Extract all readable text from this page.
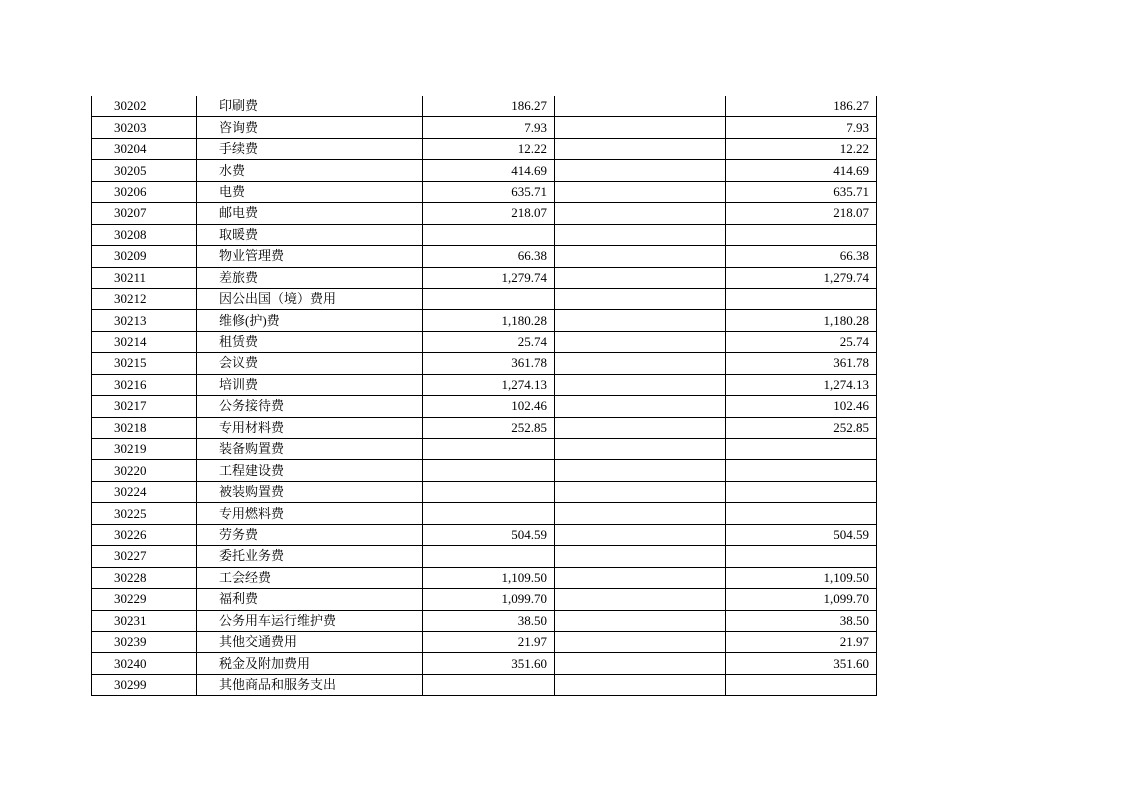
30202	印刷费	186.27		186.27
30203	咨询费	7.93		7.93
30204	手续费	12.22		12.22
30205	水费	414.69		414.69
30206	电费	635.71		635.71
30207	邮电费	218.07		218.07
30208	取暖费			
30209	物业管理费	66.38		66.38
30211	差旅费	1,279.74		1,279.74
30212	因公出国（境）费用			
30213	维修(护)费	1,180.28		1,180.28
30214	租赁费	25.74		25.74
30215	会议费	361.78		361.78
30216	培训费	1,274.13		1,274.13
30217	公务接待费	102.46		102.46
30218	专用材料费	252.85		252.85
30219	装备购置费			
30220	工程建设费			
30224	被装购置费			
30225	专用燃料费			
30226	劳务费	504.59		504.59
30227	委托业务费			
30228	工会经费	1,109.50		1,109.50
30229	福利费	1,099.70		1,099.70
30231	公务用车运行维护费	38.50		38.50
30239	其他交通费用	21.97		21.97
30240	税金及附加费用	351.60		351.60
30299	其他商品和服务支出			
